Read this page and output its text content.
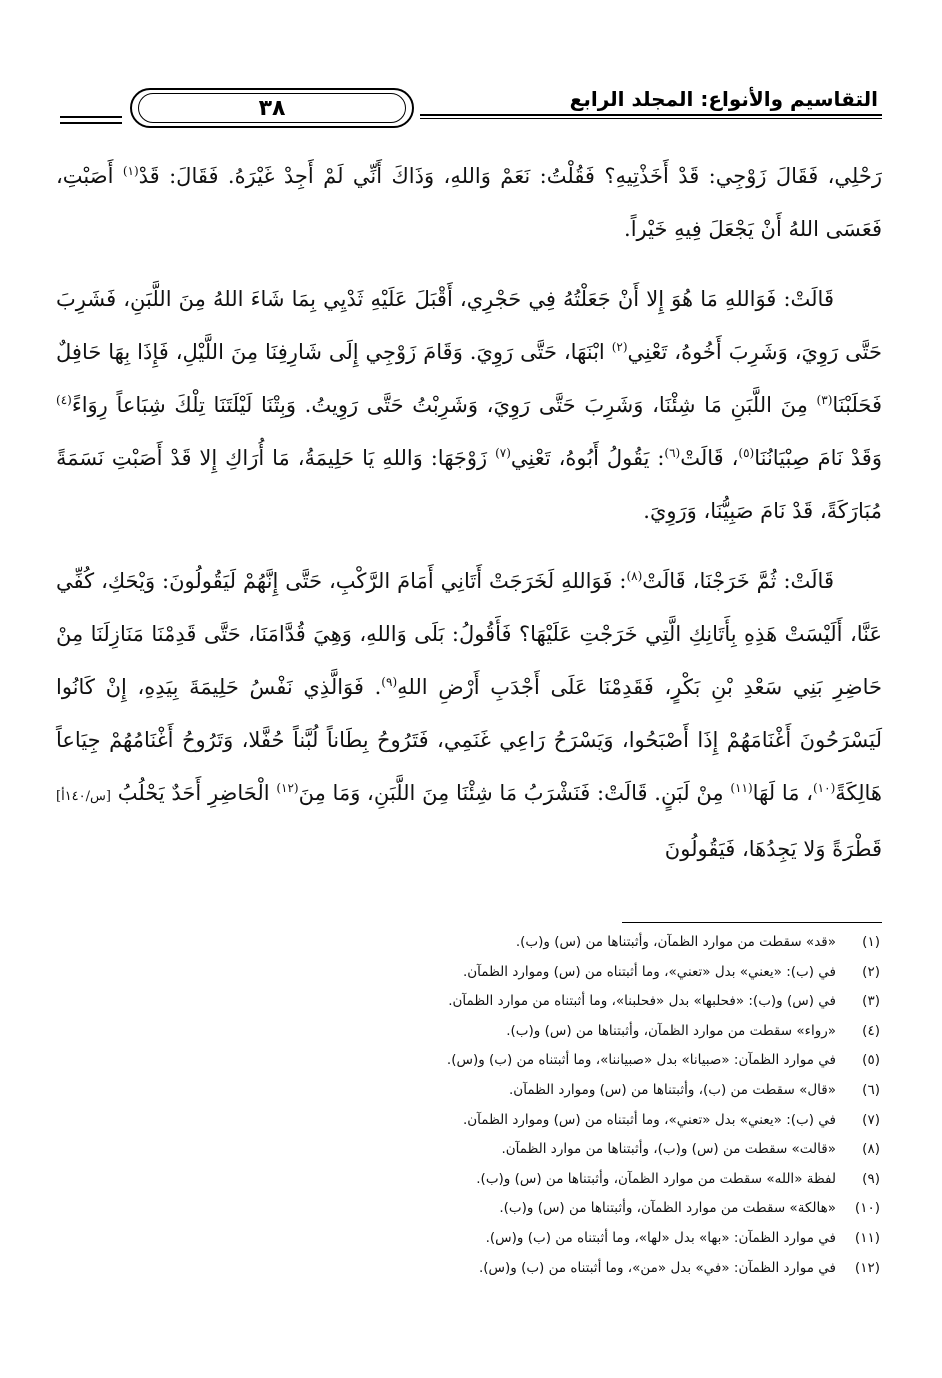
التقاسيم والأنواع: المجلد الرابع
٣٨

رَحْلِي، فَقَالَ زَوْجِي: قَدْ أَخَذْتِيهِ؟ فَقُلْتُ: نَعَمْ وَاللهِ، وَذَاكَ أَنِّي لَمْ أَجِدْ غَيْرَهُ. فَقَالَ: قَدْ$^{(١)}$ أَصَبْتِ، فَعَسَى اللهُ أَنْ يَجْعَلَ فِيهِ خَيْراً.

قَالَتْ: فَوَاللهِ مَا هُوَ إِلا أَنْ جَعَلْتُهُ فِي حَجْرِي، أَقْبَلَ عَلَيْهِ ثَدْيِي بِمَا شَاءَ اللهُ مِنَ اللَّبَنِ، فَشَرِبَ حَتَّى رَوِيَ، وَشَرِبَ أَخُوهُ، تَعْنِي$^{(٢)}$ ابْنَهَا، حَتَّى رَوِيَ. وَقَامَ زَوْجِي إِلَى شَارِفِنَا مِنَ اللَّيْلِ، فَإِذَا بِهَا حَافِلٌ فَحَلَبْنَا$^{(٣)}$ مِنَ اللَّبَنِ مَا شِئْنَا، وَشَرِبَ حَتَّى رَوِيَ، وَشَرِبْتُ حَتَّى رَوِيتُ. وَبِتْنَا لَيْلَتَنَا تِلْكَ شِبَاعاً رِوَاءً$^{(٤)}$ وَقَدْ نَامَ صِبْيَانُنَا$^{(٥)}$، قَالَتْ$^{(٦)}$: يَقُولُ أَبُوهُ، تَعْنِي$^{(٧)}$ زَوْجَهَا: وَاللهِ يَا حَلِيمَةُ، مَا أُرَاكِ إِلا قَدْ أَصَبْتِ نَسَمَةً مُبَارَكَةً، قَدْ نَامَ صَبِيُّنَا، وَرَوِيَ.

قَالَتْ: ثُمَّ خَرَجْنَا، قَالَتْ$^{(٨)}$: فَوَاللهِ لَخَرَجَتْ أَتَانِي أَمَامَ الرَّكْبِ، حَتَّى إِنَّهُمْ لَيَقُولُونَ: وَيْحَكِ، كُفِّي عَنَّا، أَلَيْسَتْ هَذِهِ بِأَتَانِكِ الَّتِي خَرَجْتِ عَلَيْهَا؟ فَأَقُولُ: بَلَى وَاللهِ، وَهِيَ قُدَّامَنَا، حَتَّى قَدِمْنَا مَنَازِلَنَا مِنْ حَاضِرِ بَنِي سَعْدِ بْنِ بَكْرٍ، فَقَدِمْنَا عَلَى أَجْدَبِ أَرْضِ اللهِ$^{(٩)}$. فَوَالَّذِي نَفْسُ حَلِيمَةَ بِيَدِهِ، إِنْ كَانُوا لَيَسْرَحُونَ أَغْنَامَهُمْ إِذَا أَصْبَحُوا، وَيَسْرَحُ رَاعِي غَنَمِي، فَتَرُوحُ بِطَاناً لُبَّناً حُفَّلا، وَتَرُوحُ أَغْنَامُهُمْ جِيَاعاً هَالِكَةً$^{(١٠)}$، مَا لَهَا$^{(١١)}$ مِنْ لَبَنٍ. قَالَتْ: فَنَشْرَبُ مَا شِئْنَا مِنَ اللَّبَنِ، وَمَا مِنَ$^{(١٢)}$ الْحَاضِرِ أَحَدٌ يَحْلُبُ [س/١٤٠أ] قَطْرَةً وَلا يَجِدُهَا، فَيَقُولُونَ

(١)
«قد» سقطت من موارد الظمآن، وأثبتناها من (س) و(ب).
(٢)
في (ب): «يعني» بدل «تعني»، وما أثبتناه من (س) وموارد الظمآن.
(٣)
في (س) و(ب): «فحلبها» بدل «فحلبنا»، وما أثبتناه من موارد الظمآن.
(٤)
«رواء» سقطت من موارد الظمآن، وأثبتناها من (س) و(ب).
(٥)
في موارد الظمآن: «صبيانا» بدل «صبياننا»، وما أثبتناه من (ب) و(س).
(٦)
«قال» سقطت من (ب)، وأثبتناها من (س) وموارد الظمآن.
(٧)
في (ب): «يعني» بدل «تعني»، وما أثبتناه من (س) وموارد الظمآن.
(٨)
«قالت» سقطت من (س) و(ب)، وأثبتناها من موارد الظمآن.
(٩)
لفظة «الله» سقطت من موارد الظمآن، وأثبتناها من (س) و(ب).
(١٠)
«هالكة» سقطت من موارد الظمآن، وأثبتناها من (س) و(ب).
(١١)
في موارد الظمآن: «بها» بدل «لها»، وما أثبتناه من (ب) و(س).
(١٢)
في موارد الظمآن: «في» بدل «من»، وما أثبتناه من (ب) و(س).
